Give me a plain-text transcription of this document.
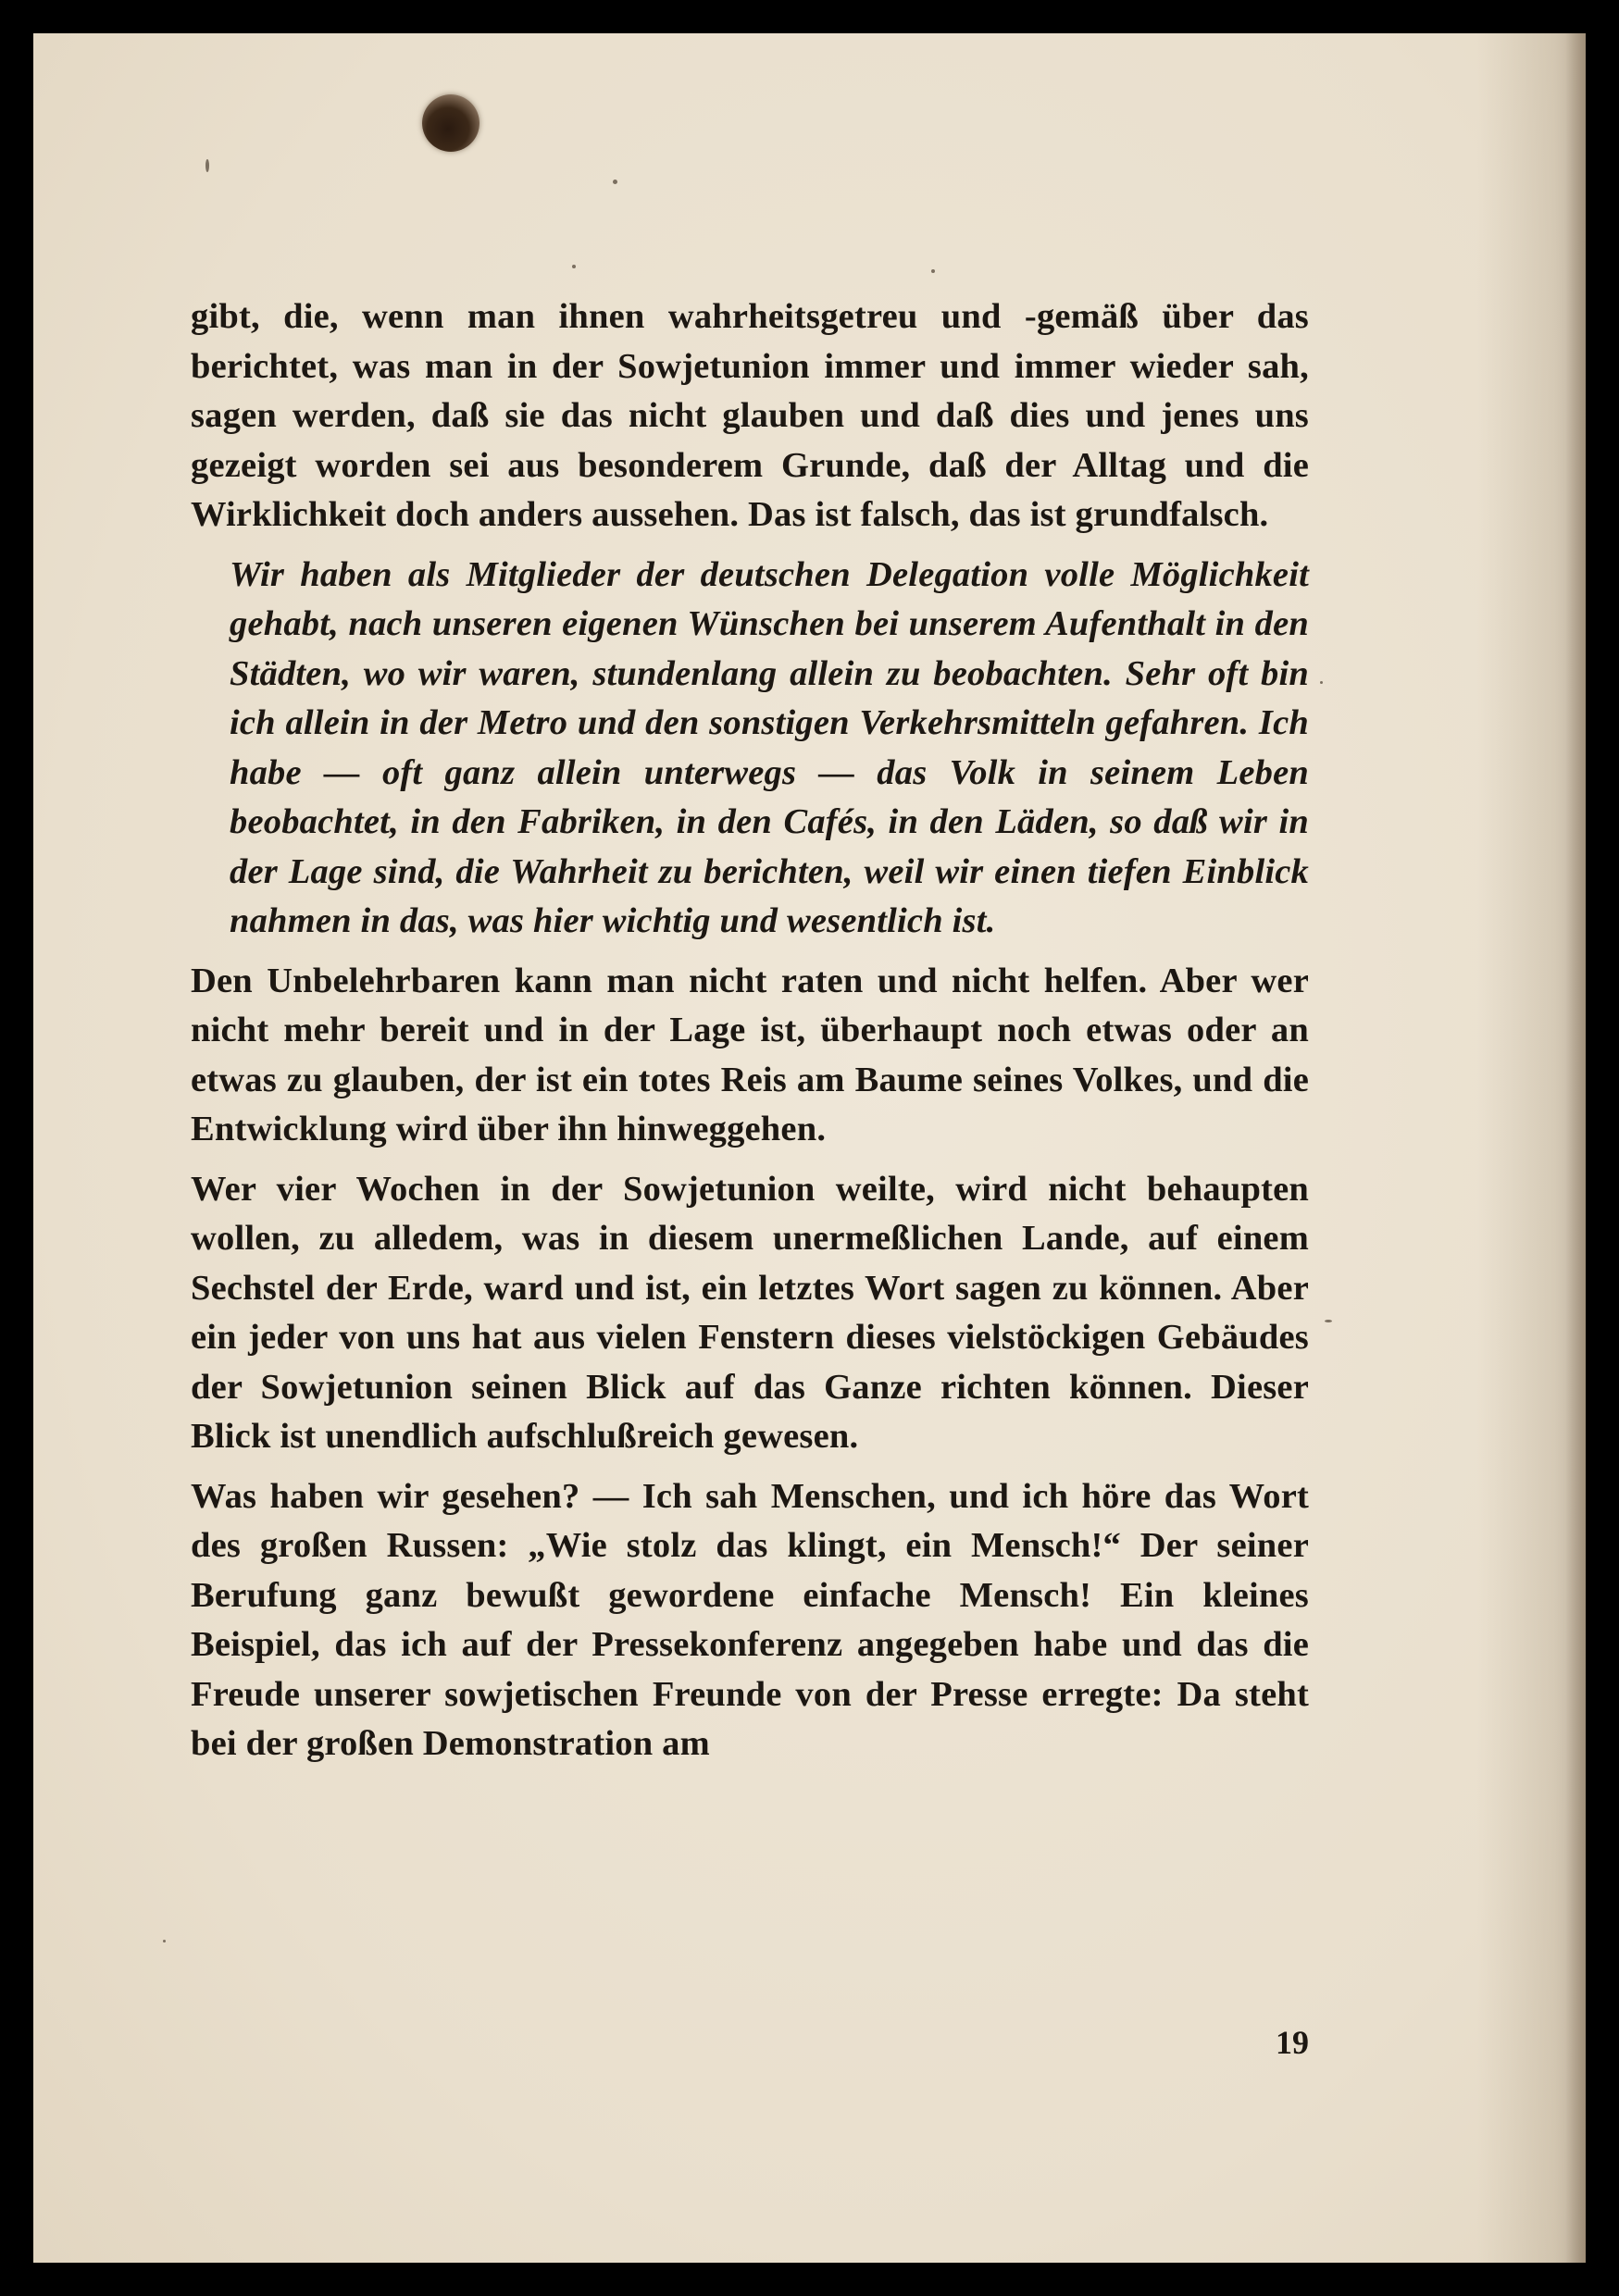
gibt, die, wenn man ihnen wahrheitsgetreu und -gemäß über das berichtet, was man in der Sowjetunion immer und immer wieder sah, sagen werden, daß sie das nicht glauben und daß dies und jenes uns gezeigt worden sei aus besonderem Grunde, daß der Alltag und die Wirklichkeit doch anders aussehen. Das ist falsch, das ist grundfalsch.

Wir haben als Mitglieder der deutschen Delegation volle Möglichkeit gehabt, nach unseren eigenen Wünschen bei unserem Aufenthalt in den Städten, wo wir waren, stundenlang allein zu beobachten. Sehr oft bin ich allein in der Metro und den sonstigen Verkehrsmitteln gefahren. Ich habe — oft ganz allein unterwegs — das Volk in seinem Leben beobachtet, in den Fabriken, in den Cafés, in den Läden, so daß wir in der Lage sind, die Wahrheit zu berichten, weil wir einen tiefen Einblick nahmen in das, was hier wichtig und wesentlich ist.

Den Unbelehrbaren kann man nicht raten und nicht helfen. Aber wer nicht mehr bereit und in der Lage ist, überhaupt noch etwas oder an etwas zu glauben, der ist ein totes Reis am Baume seines Volkes, und die Entwicklung wird über ihn hinweggehen.

Wer vier Wochen in der Sowjetunion weilte, wird nicht behaupten wollen, zu alledem, was in diesem unermeßlichen Lande, auf einem Sechstel der Erde, ward und ist, ein letztes Wort sagen zu können. Aber ein jeder von uns hat aus vielen Fenstern dieses vielstöckigen Gebäudes der Sowjetunion seinen Blick auf das Ganze richten können. Dieser Blick ist unendlich aufschlußreich gewesen.

Was haben wir gesehen? — Ich sah Menschen, und ich höre das Wort des großen Russen: „Wie stolz das klingt, ein Mensch!“ Der seiner Berufung ganz bewußt gewordene einfache Mensch! Ein kleines Beispiel, das ich auf der Pressekonferenz angegeben habe und das die Freude unserer sowjetischen Freunde von der Presse erregte: Da steht bei der großen Demonstration am

19
